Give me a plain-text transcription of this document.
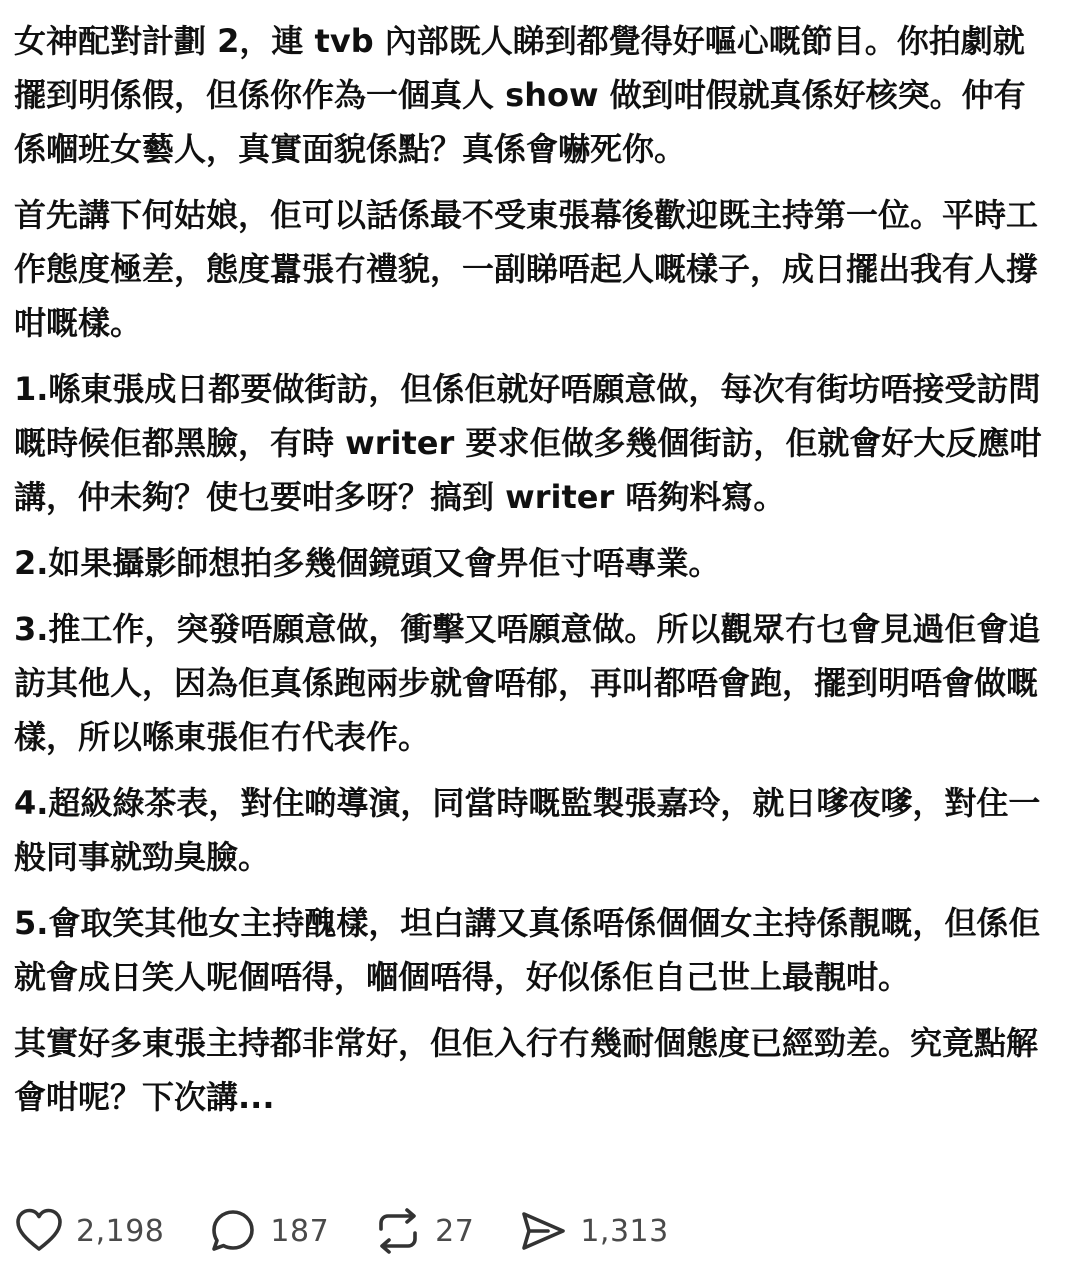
女神配對計劃 2，連 tvb 內部既人睇到都覺得好嘔心嘅節目。你拍劇就擺到明係假，但係你作為一個真人 show 做到咁假就真係好核突。仲有係嗰班女藝人，真實面貌係點？真係會嚇死你。

首先講下何姑娘，佢可以話係最不受東張幕後歡迎既主持第一位。平時工作態度極差，態度囂張冇禮貌，一副睇唔起人嘅樣子，成日擺出我有人撐咁嘅樣。

1.喺東張成日都要做街訪，但係佢就好唔願意做，每次有街坊唔接受訪問嘅時候佢都黑臉，有時 writer 要求佢做多幾個街訪，佢就會好大反應咁講，仲未夠？使乜要咁多呀？搞到 writer 唔夠料寫。

2.如果攝影師想拍多幾個鏡頭又會畀佢寸唔專業。

3.推工作，突發唔願意做，衝擊又唔願意做。所以觀眾冇乜會見過佢會追訪其他人，因為佢真係跑兩步就會唔郁，再叫都唔會跑，擺到明唔會做嘅樣，所以喺東張佢冇代表作。

4.超級綠茶表，對住啲導演，同當時嘅監製張嘉玲，就日嗲夜嗲，對住一般同事就勁臭臉。

5.會取笑其他女主持醜樣，坦白講又真係唔係個個女主持係靚嘅，但係佢就會成日笑人呢個唔得，嗰個唔得，好似係佢自己世上最靚咁。

其實好多東張主持都非常好，但佢入行冇幾耐個態度已經勁差。究竟點解會咁呢？下次講...

2,198	187	27	1,313
